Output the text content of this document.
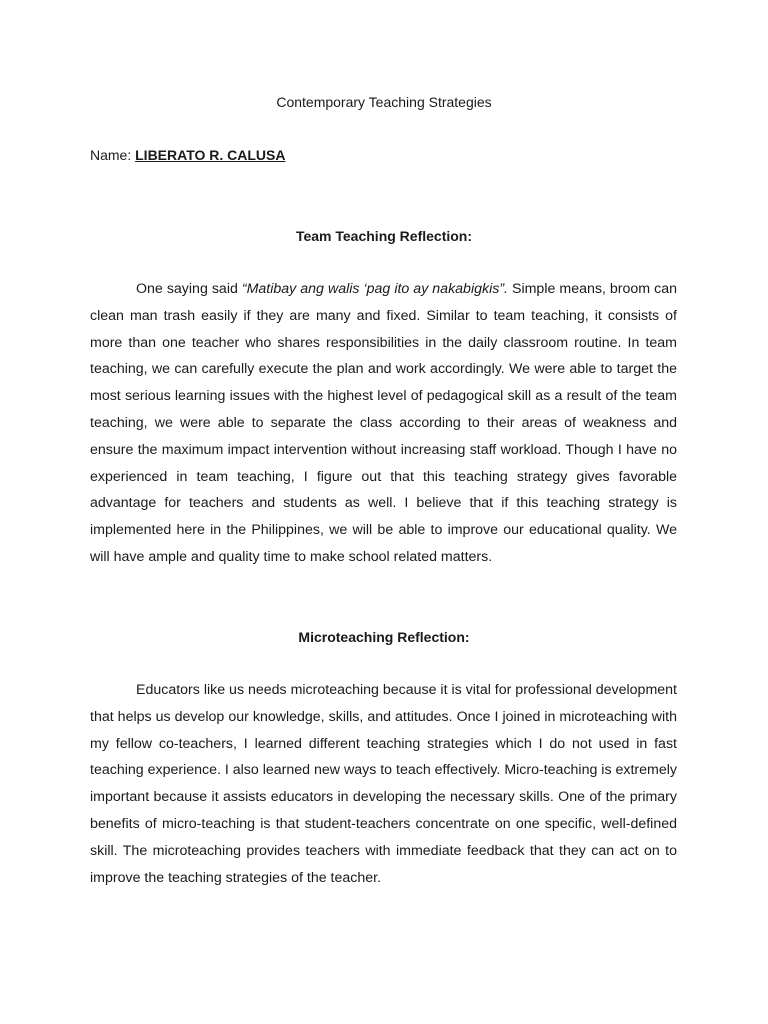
Contemporary Teaching Strategies
Name: LIBERATO R. CALUSA
Team Teaching Reflection:

One saying said “Matibay ang walis ‘pag ito ay nakabigkis”. Simple means, broom can clean man trash easily if they are many and fixed. Similar to team teaching, it consists of more than one teacher who shares responsibilities in the daily classroom routine. In team teaching, we can carefully execute the plan and work accordingly. We were able to target the most serious learning issues with the highest level of pedagogical skill as a result of the team teaching, we were able to separate the class according to their areas of weakness and ensure the maximum impact intervention without increasing staff workload. Though I have no experienced in team teaching, I figure out that this teaching strategy gives favorable advantage for teachers and students as well. I believe that if this teaching strategy is implemented here in the Philippines, we will be able to improve our educational quality. We will have ample and quality time to make school related matters.

Microteaching Reflection:

Educators like us needs microteaching because it is vital for professional development that helps us develop our knowledge, skills, and attitudes. Once I joined in microteaching with my fellow co-teachers, I learned different teaching strategies which I do not used in fast teaching experience. I also learned new ways to teach effectively. Micro-teaching is extremely important because it assists educators in developing the necessary skills. One of the primary benefits of micro-teaching is that student-teachers concentrate on one specific, well-defined skill. The microteaching provides teachers with immediate feedback that they can act on to improve the teaching strategies of the teacher.
